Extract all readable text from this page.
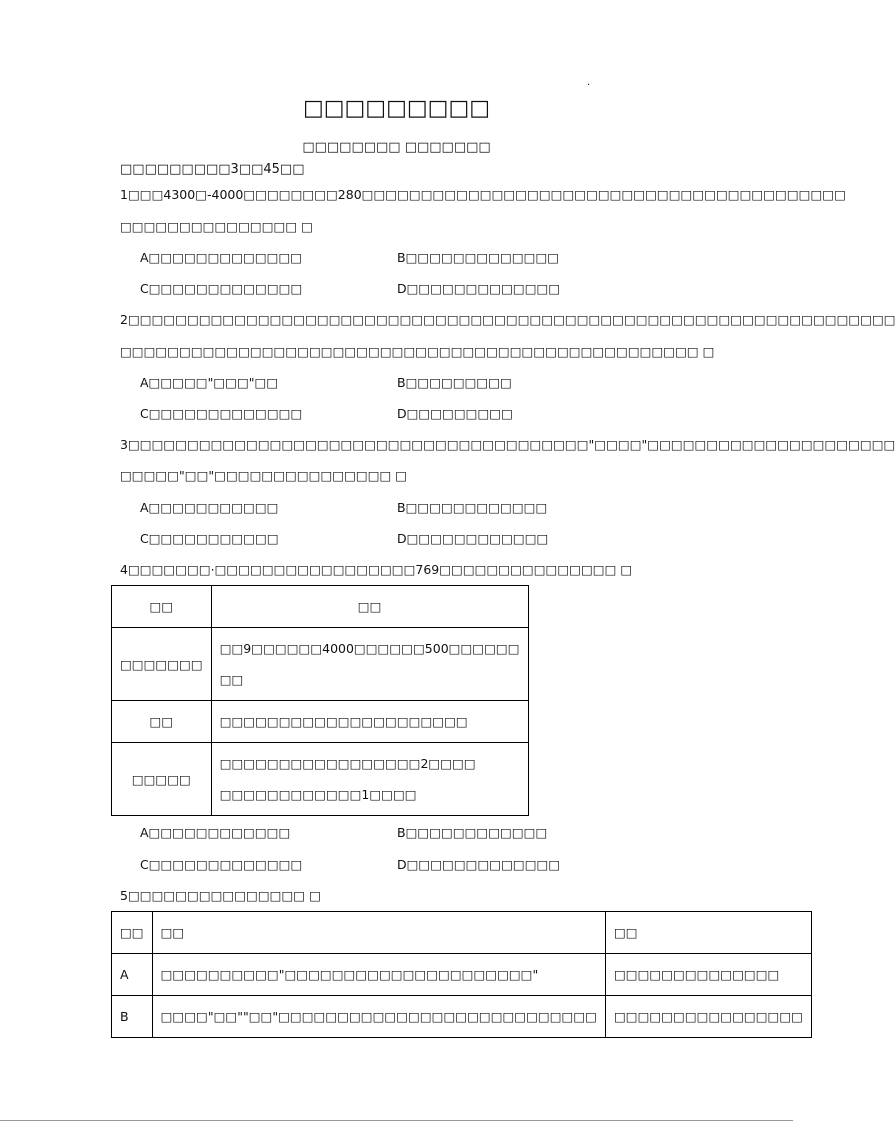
·
□□□□□□□□□
□□□□□□□□ □□□□□□□
□□□□□□□□□3□□45□□
1□□□4300□-4000□□□□□□□□280□□□□□□□□□□□□□□□□□□□□□□□□□□□□□□□□□□□□□□□□□
□□□□□□□□□□□□□□□ □
A□□□□□□□□□□□□□	B□□□□□□□□□□□□□
C□□□□□□□□□□□□□	D□□□□□□□□□□□□□
2□□□□□□□□□□□□□□□□□□□□□□□□□□□□□□□□□□□□□□□□□□□□□□□□□□□□□□□□□□□□□□□□□
□□□□□□□□□□□□□□□□□□□□□□□□□□□□□□□□□□□□□□□□□□□□□□□□□ □
A□□□□□"□□□"□□	B□□□□□□□□□
C□□□□□□□□□□□□□	D□□□□□□□□□
3□□□□□□□□□□□□□□□□□□□□□□□□□□□□□□□□□□□□□□□"□□□□"□□□□□□□□□□□□□□□□□□□□□
□□□□□"□□"□□□□□□□□□□□□□□□ □
A□□□□□□□□□□□	B□□□□□□□□□□□□
C□□□□□□□□□□□	D□□□□□□□□□□□□
4□□□□□□□·□□□□□□□□□□□□□□□□□769□□□□□□□□□□□□□□□ □
□□	□□
□□□□□□□	□□9□□□□□□4000□□□□□□500□□□□□□
□□

□□	□□□□□□□□□□□□□□□□□□□□□
□□□□□	□□□□□□□□□□□□□□□□□2□□□□
□□□□□□□□□□□□1□□□□
A□□□□□□□□□□□□	B□□□□□□□□□□□□
C□□□□□□□□□□□□□	D□□□□□□□□□□□□□
5□□□□□□□□□□□□□□□ □
□□	□□	□□
A	□□□□□□□□□□"□□□□□□□□□□□□□□□□□□□□□"	□□□□□□□□□□□□□□
B	□□□□"□□""□□"□□□□□□□□□□□□□□□□□□□□□□□□□□□	□□□□□□□□□□□□□□□□
